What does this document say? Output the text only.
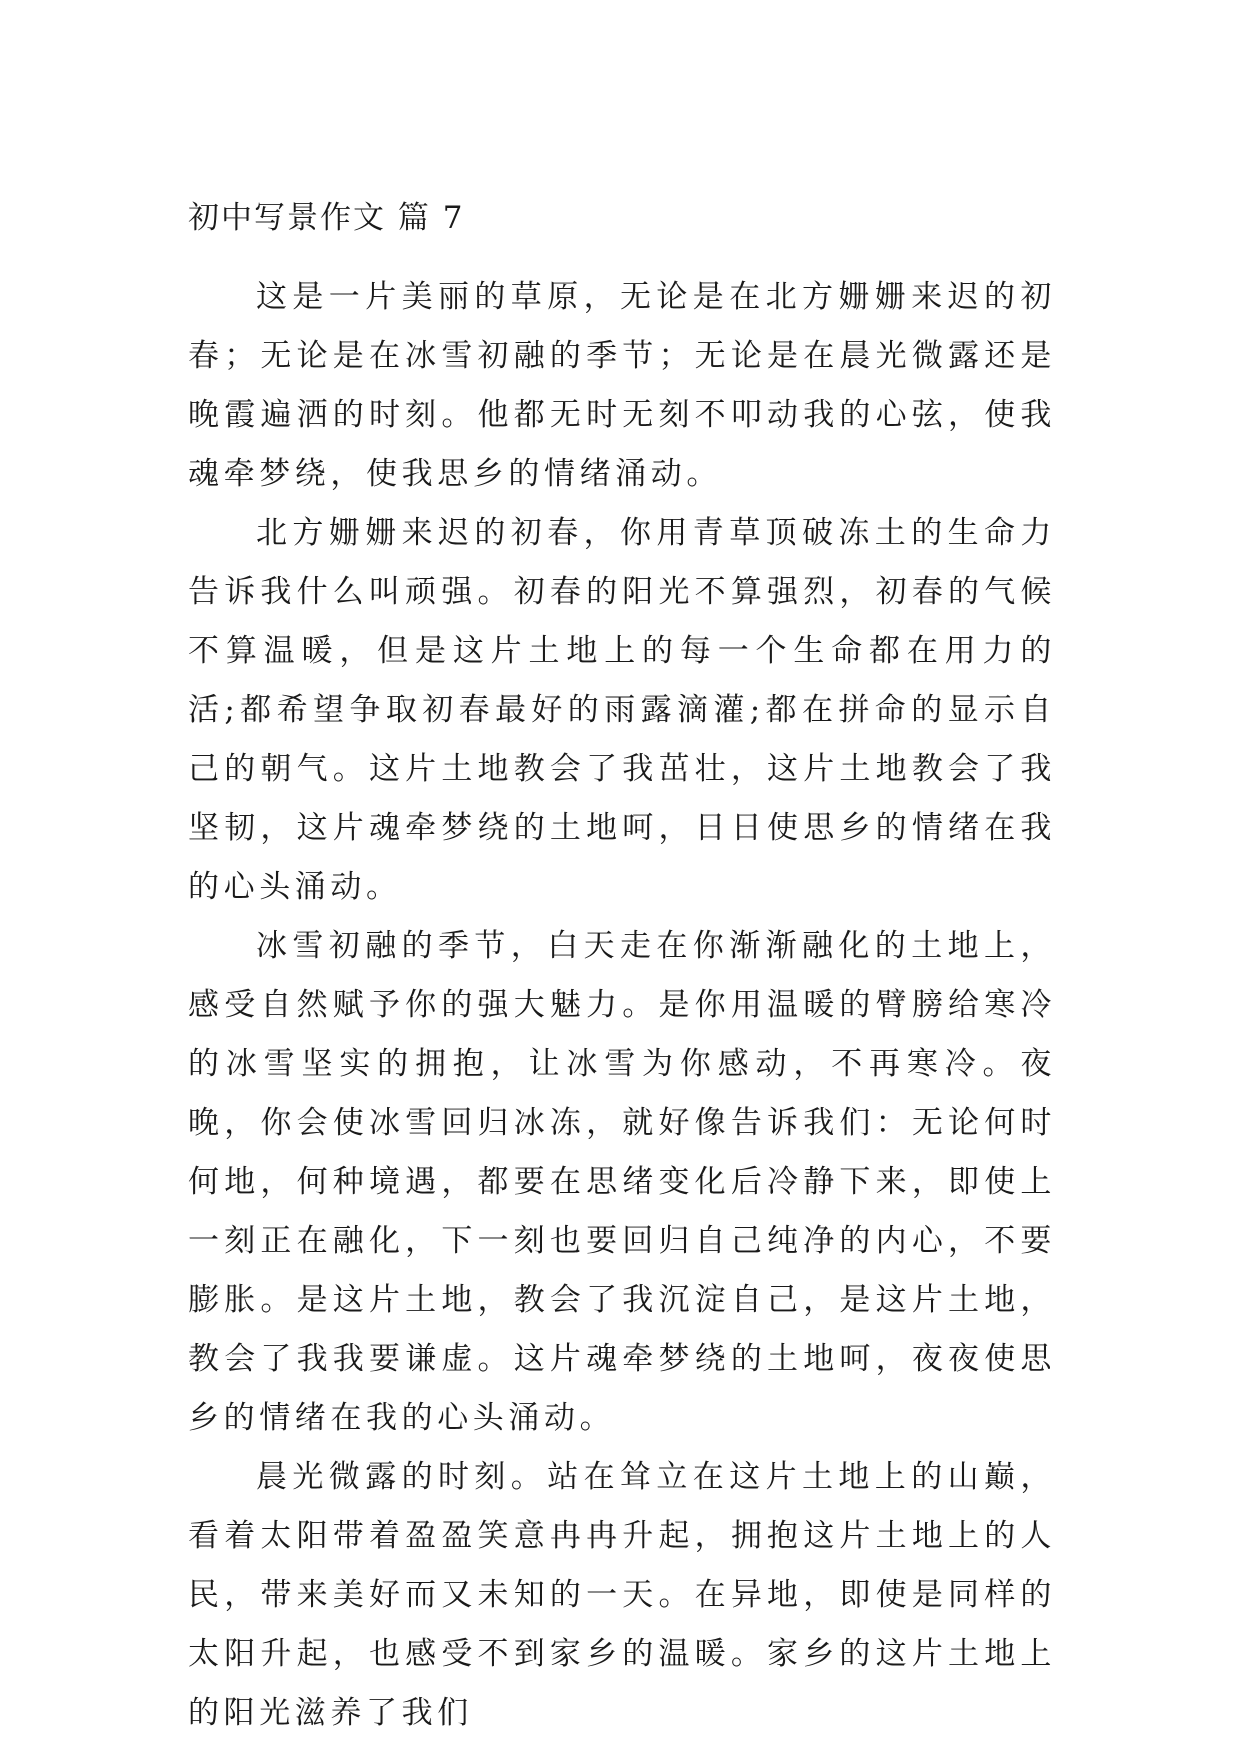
初中写景作文 篇 7

这是一片美丽的草原，无论是在北方姗姗来迟的初春；无论是在冰雪初融的季节；无论是在晨光微露还是晚霞遍洒的时刻。他都无时无刻不叩动我的心弦，使我魂牵梦绕，使我思乡的情绪涌动。

北方姗姗来迟的初春，你用青草顶破冻土的生命力告诉我什么叫顽强。初春的阳光不算强烈，初春的气候不算温暖，但是这片土地上的每一个生命都在用力的活;都希望争取初春最好的雨露滴灌;都在拼命的显示自己的朝气。这片土地教会了我茁壮，这片土地教会了我坚韧，这片魂牵梦绕的土地呵，日日使思乡的情绪在我的心头涌动。

冰雪初融的季节，白天走在你渐渐融化的土地上，感受自然赋予你的强大魅力。是你用温暖的臂膀给寒冷的冰雪坚实的拥抱，让冰雪为你感动，不再寒冷。夜晚，你会使冰雪回归冰冻，就好像告诉我们：无论何时何地，何种境遇，都要在思绪变化后冷静下来，即使上一刻正在融化，下一刻也要回归自己纯净的内心，不要膨胀。是这片土地，教会了我沉淀自己，是这片土地，教会了我我要谦虚。这片魂牵梦绕的土地呵，夜夜使思乡的情绪在我的心头涌动。

晨光微露的时刻。站在耸立在这片土地上的山巅，看着太阳带着盈盈笑意冉冉升起，拥抱这片土地上的人民，带来美好而又未知的一天。在异地，即使是同样的太阳升起，也感受不到家乡的温暖。家乡的这片土地上的阳光滋养了我们
